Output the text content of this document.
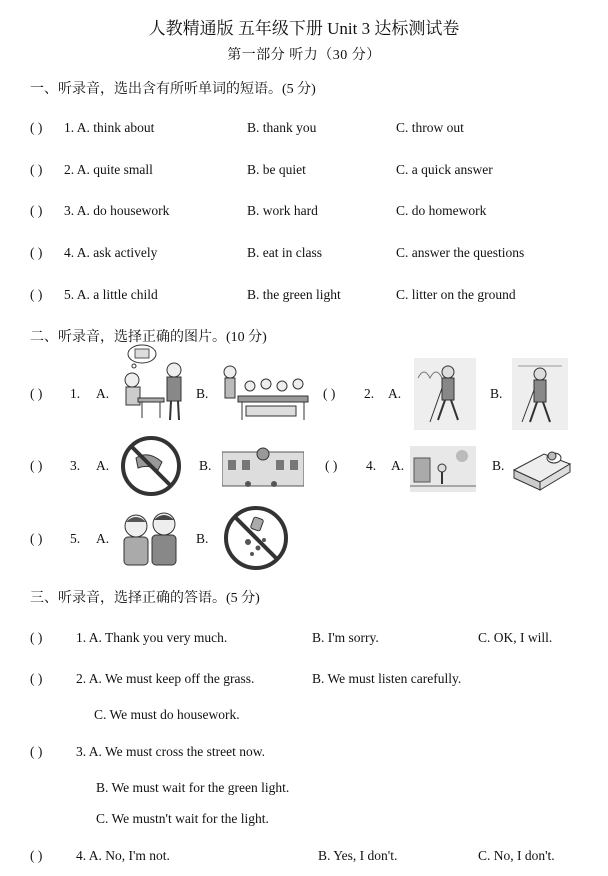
人教精通版 五年级下册 Unit 3 达标测试卷
第一部分 听力（30 分）
一、听录音，选出含有所听单词的短语。(5 分)
( ) 1. A. think about	B. thank you	C. throw out
( ) 2. A. quite small	B. be quiet	C. a quick answer
( ) 3. A. do housework	B. work hard	C. do homework
( ) 4. A. ask actively	B. eat in class	C. answer the questions
( ) 5. A. a little child	B. the green light	C. litter on the ground
二、听录音，选择正确的图片。(10 分)
( ) 1. A.	B.	( ) 2. A.	B.
( ) 3. A.	B.	( ) 4. A.	B.
( ) 5. A.	B.
三、听录音，选择正确的答语。(5 分)
( ) 1. A. Thank you very much.	B. I'm sorry.	C. OK, I will.
( ) 2. A. We must keep off the grass.	B. We must listen carefully.
C. We must do housework.
( ) 3. A. We must cross the street now.
B. We must wait for the green light.
C. We mustn't wait for the light.
( ) 4. A. No, I'm not.	B. Yes, I don't.	C. No, I don't.
